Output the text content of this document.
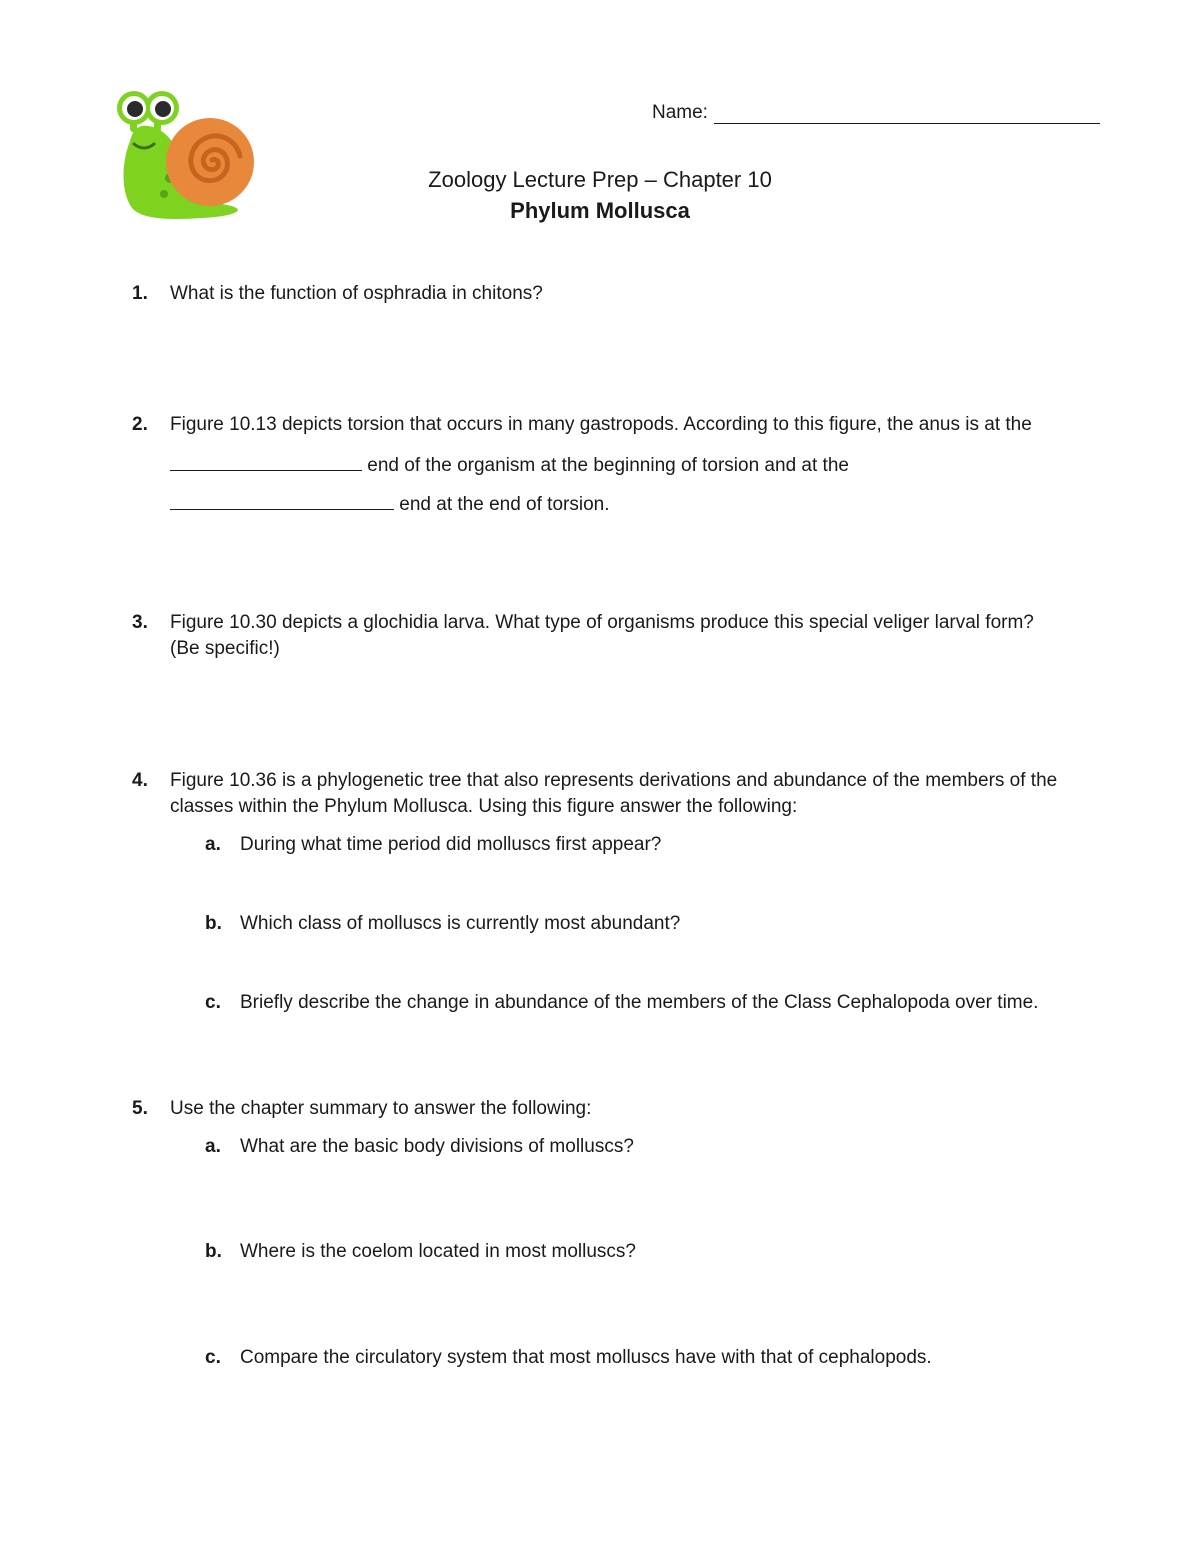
Name:
Zoology Lecture Prep – Chapter 10
Phylum Mollusca
1. What is the function of osphradia in chitons?
2. Figure 10.13 depicts torsion that occurs in many gastropods. According to this figure, the anus is at the
end of the organism at the beginning of torsion and at the
end at the end of torsion.
3. Figure 10.30 depicts a glochidia larva. What type of organisms produce this special veliger larval form?
(Be specific!)
4. Figure 10.36 is a phylogenetic tree that also represents derivations and abundance of the members of the
classes within the Phylum Mollusca. Using this figure answer the following:
a. During what time period did molluscs first appear?
b. Which class of molluscs is currently most abundant?
c. Briefly describe the change in abundance of the members of the Class Cephalopoda over time.
5. Use the chapter summary to answer the following:
a. What are the basic body divisions of molluscs?
b. Where is the coelom located in most molluscs?
c. Compare the circulatory system that most molluscs have with that of cephalopods.
